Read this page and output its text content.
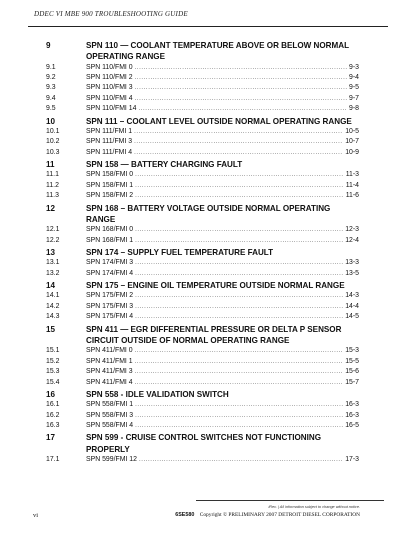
DDEC VI MBE 900 TROUBLESHOOTING GUIDE
9	SPN 110 — COOLANT TEMPERATURE ABOVE OR BELOW NORMAL OPERATING RANGE
9.1	SPN 110/FMI 0 .....	9-3
9.2	SPN 110/FMI 2 .....	9-4
9.3	SPN 110/FMI 3 .....	9-5
9.4	SPN 110/FMI 4 .....	9-7
9.5	SPN 110/FMI 14 .....	9-8
10	SPN 111 – COOLANT LEVEL OUTSIDE NORMAL OPERATING RANGE
10.1	SPN 111/FMI 1 .....	10-5
10.2	SPN 111/FMI 3 .....	10-7
10.3	SPN 111/FMI 4 .....	10-9
11	SPN 158 — BATTERY CHARGING FAULT
11.1	SPN 158/FMI 0 .....	11-3
11.2	SPN 158/FMI 1 .....	11-4
11.3	SPN 158/FMI 2 .....	11-6
12	SPN 168 – BATTERY VOLTAGE OUTSIDE NORMAL OPERATING RANGE
12.1	SPN 168/FMI 0 .....	12-3
12.2	SPN 168/FMI 1 .....	12-4
13	SPN 174 – SUPPLY FUEL TEMPERATURE FAULT
13.1	SPN 174/FMI 3 .....	13-3
13.2	SPN 174/FMI 4 .....	13-5
14	SPN 175 – ENGINE OIL TEMPERATURE OUTSIDE NORMAL RANGE
14.1	SPN 175/FMI 2 .....	14-3
14.2	SPN 175/FMI 3 .....	14-4
14.3	SPN 175/FMI 4 .....	14-5
15	SPN 411 — EGR DIFFERENTIAL PRESSURE OR DELTA P SENSOR CIRCUIT OUTSIDE OF NORMAL OPERATING RANGE
15.1	SPN 411/FMI 0 .....	15-3
15.2	SPN 411/FMI 1 .....	15-5
15.3	SPN 411/FMI 3 .....	15-6
15.4	SPN 411/FMI 4 .....	15-7
16	SPN 558 - IDLE VALIDATION SWITCH
16.1	SPN 558/FMI 1 .....	16-3
16.2	SPN 558/FMI 3 .....	16-3
16.3	SPN 558/FMI 4 .....	16-5
17	SPN 599 - CRUISE CONTROL SWITCHES NOT FUNCTIONING PROPERLY
17.1	SPN 599/FMI 12 .....	17-3
iRev. | All information subject to change without notice.
vi	6SE580 Copyright © PRELIMINARY 2007 DETROIT DIESEL CORPORATION
